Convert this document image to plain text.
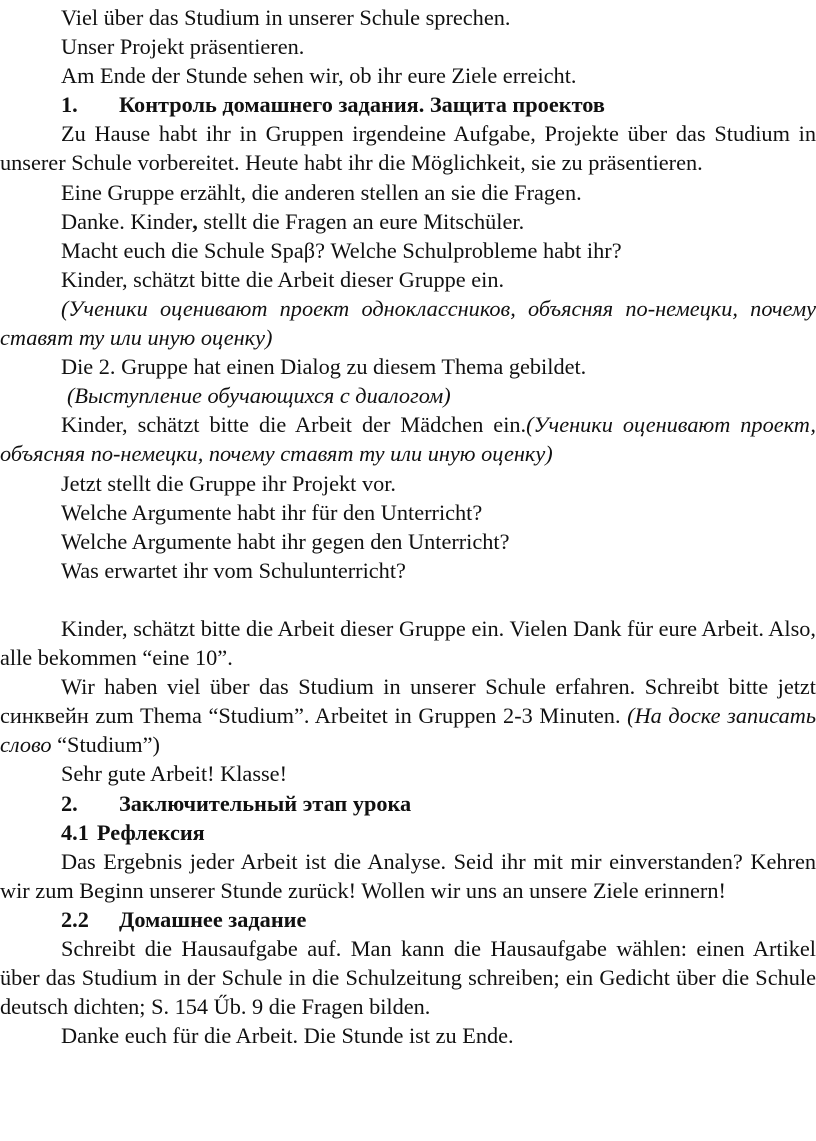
Viel über das Studium in unserer Schule sprechen.

Unser Projekt präsentieren.

Am Ende der Stunde sehen wir, ob ihr eure Ziele erreicht.

1. Контроль домашнего задания. Защита проектов

Zu Hause habt ihr in Gruppen irgendeine Aufgabe, Projekte über das Studium in unserer Schule vorbereitet. Heute habt ihr die Möglichkeit, sie zu präsentieren.

Eine Gruppe erzählt, die anderen stellen an sie die Fragen.

Danke. Kinder, stellt die Fragen an eure Mitschüler.

Macht euch die Schule Spaβ? Welche Schulprobleme habt ihr?

Kinder, schätzt bitte die Arbeit dieser Gruppe ein.

(Ученики оценивают проект одноклассников, объясняя по-немецки, почему ставят ту или иную оценку)

Die 2. Gruppe hat einen Dialog zu diesem Thema gebildet.

(Выступление обучающихся с диалогом)

Kinder, schätzt bitte die Arbeit der Mädchen ein.(Ученики оценивают проект, объясняя по-немецки, почему ставят ту или иную оценку)

Jetzt stellt die Gruppe ihr Projekt vor.

Welche Argumente habt ihr für den Unterricht?

Welche Argumente habt ihr gegen den Unterricht?

Was erwartet ihr vom Schulunterricht?

Kinder, schätzt bitte die Arbeit dieser Gruppe ein. Vielen Dank für eure Arbeit. Also, alle bekommen “eine 10”.

Wir haben viel über das Studium in unserer Schule erfahren. Schreibt bitte jetzt синквейн zum Thema “Studium”. Arbeitet in Gruppen 2-3 Minuten. (На доске записать слово “Studium”)

Sehr gute Arbeit! Klasse!

2. Заключительный этап урока

4.1 Рефлексия

Das Ergebnis jeder Arbeit ist die Analyse. Seid ihr mit mir einverstanden? Kehren wir zum Beginn unserer Stunde zurück! Wollen wir uns an unsere Ziele erinnern!

2.2 Домашнее задание

Schreibt die Hausaufgabe auf. Man kann die Hausaufgabe wählen: einen Artikel über das Studium in der Schule in die Schulzeitung schreiben; ein Gedicht über die Schule deutsch dichten; S. 154 Űb. 9 die Fragen bilden.

Danke euch für die Arbeit. Die Stunde ist zu Ende.
